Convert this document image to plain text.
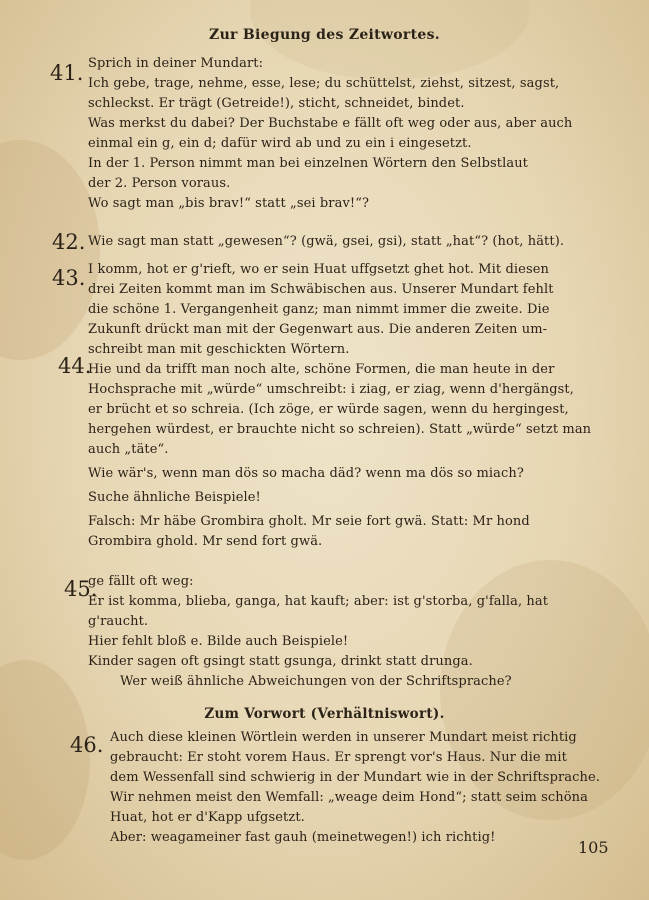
Zur Biegung des Zeitwortes.
41. Sprich in deiner Mundart:
Ich gebe, trage, nehme, esse, lese; du schüttelst, ziehst, sitzest, sagst,
schleckst. Er trägt (Getreide!), sticht, schneidet, bindet.
Was merkst du dabei? Der Buchstabe e fällt oft weg oder aus, aber auch
einmal ein g, ein d; dafür wird ab und zu ein i eingesetzt.
In der 1. Person nimmt man bei einzelnen Wörtern den Selbstlaut
der 2. Person voraus.
Wo sagt man „bis brav!“ statt „sei brav!“?
42. Wie sagt man statt „gewesen“? (gwä, gsei, gsi), statt „hat“? (hot, hätt).
43. I komm, hot er g'rieft, wo er sein Huat uffgsetzt ghet hot. Mit diesen
drei Zeiten kommt man im Schwäbischen aus. Unserer Mundart fehlt
die schöne 1. Vergangenheit ganz; man nimmt immer die zweite. Die
Zukunft drückt man mit der Gegenwart aus. Die anderen Zeiten um-
schreibt man mit geschickten Wörtern.
44.
Hie und da trifft man noch alte, schöne Formen, die man heute in der
Hochsprache mit „würde“ umschreibt: i ziag, er ziag, wenn d'hergängst,
er brücht et so schreia. (Ich zöge, er würde sagen, wenn du hergingest,
hergehen würdest, er brauchte nicht so schreien). Statt „würde“ setzt man
auch „täte“.
Wie wär's, wenn man dös so macha däd? wenn ma dös so miach?
Suche ähnliche Beispiele!
Falsch: Mr häbe Grombira gholt. Mr seie fort gwä. Statt: Mr hond
Grombira ghold. Mr send fort gwä.
45.
ge fällt oft weg:
Er ist komma, blieba, ganga, hat kauft; aber: ist g'storba, g'falla, hat
g'raucht.
Hier fehlt bloß e. Bilde auch Beispiele!
Kinder sagen oft gsingt statt gsunga, drinkt statt drunga.
Wer weiß ähnliche Abweichungen von der Schriftsprache?
Zum Vorwort (Verhältniswort).
46. Auch diese kleinen Wörtlein werden in unserer Mundart meist richtig
gebraucht: Er stoht vorem Haus. Er sprengt vor's Haus. Nur die mit
dem Wessenfall sind schwierig in der Mundart wie in der Schriftsprache.
Wir nehmen meist den Wemfall: „weage deim Hond“; statt seim schöna
Huat, hot er d'Kapp ufgsetzt.
Aber: weagameiner fast gauh (meinetwegen!) ich richtig!
105
